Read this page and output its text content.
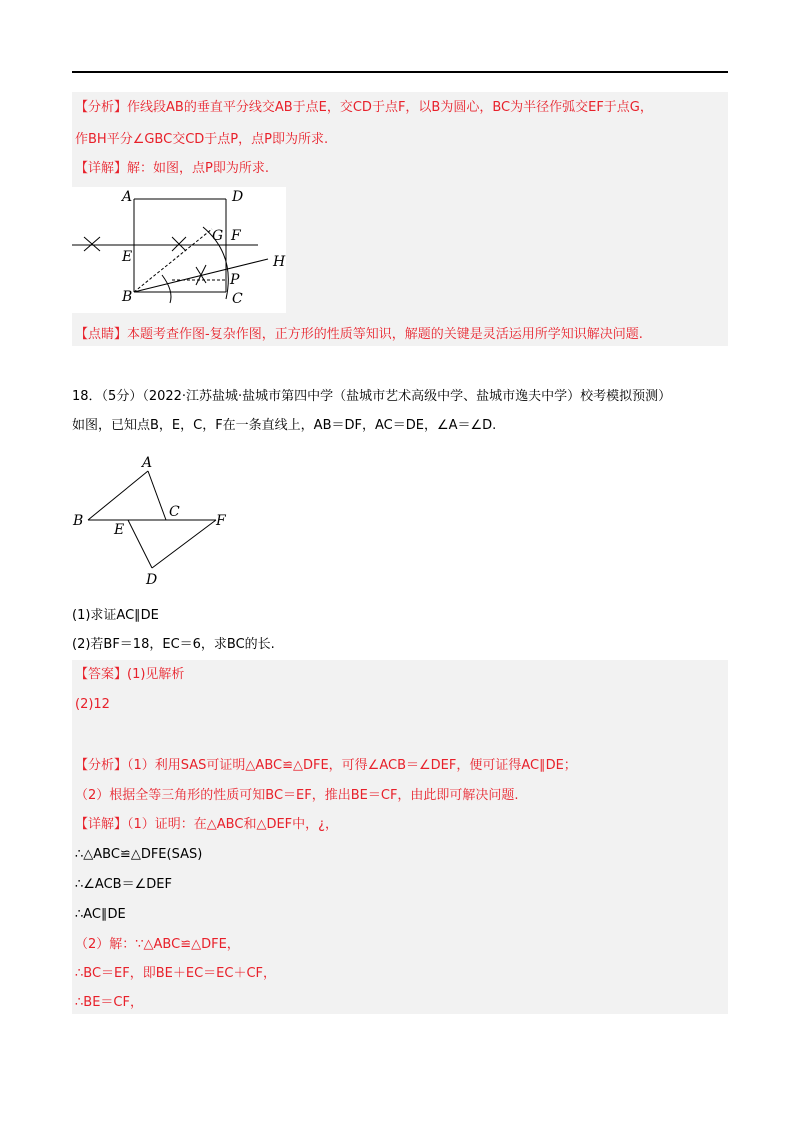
【分析】作线段AB的垂直平分线交AB于点E，交CD于点F，以B为圆心，BC为半径作弧交EF于点G，
作BH平分∠GBC交CD于点P，点P即为所求.
【详解】解：如图，点P即为所求.
A	D
E
F
G
H
P
B	C
【点睛】本题考查作图-复杂作图，正方形的性质等知识，解题的关键是灵活运用所学知识解决问题.
18．（5分）（2022·江苏盐城·盐城市第四中学（盐城市艺术高级中学、盐城市逸夫中学）校考模拟预测）
如图，已知点B，E，C，F在一条直线上，AB＝DF，AC＝DE，∠A＝∠D.
A
B
C
E
F
D
(1)求证AC∥DE
(2)若BF＝18，EC＝6，求BC的长.
【答案】(1)见解析
(2)12
【分析】（1）利用SAS可证明△ABC≌△DFE，可得∠ACB＝∠DEF，便可证得AC∥DE；
（2）根据全等三角形的性质可知BC＝EF，推出BE＝CF，由此即可解决问题.
【详解】（1）证明：在△ABC和△DEF中，¿，
∴△ABC≌△DFE(SAS)
∴∠ACB＝∠DEF
∴AC∥DE
（2）解：∵△ABC≌△DFE，
∴BC＝EF，即BE＋EC＝EC＋CF，
∴BE＝CF，
